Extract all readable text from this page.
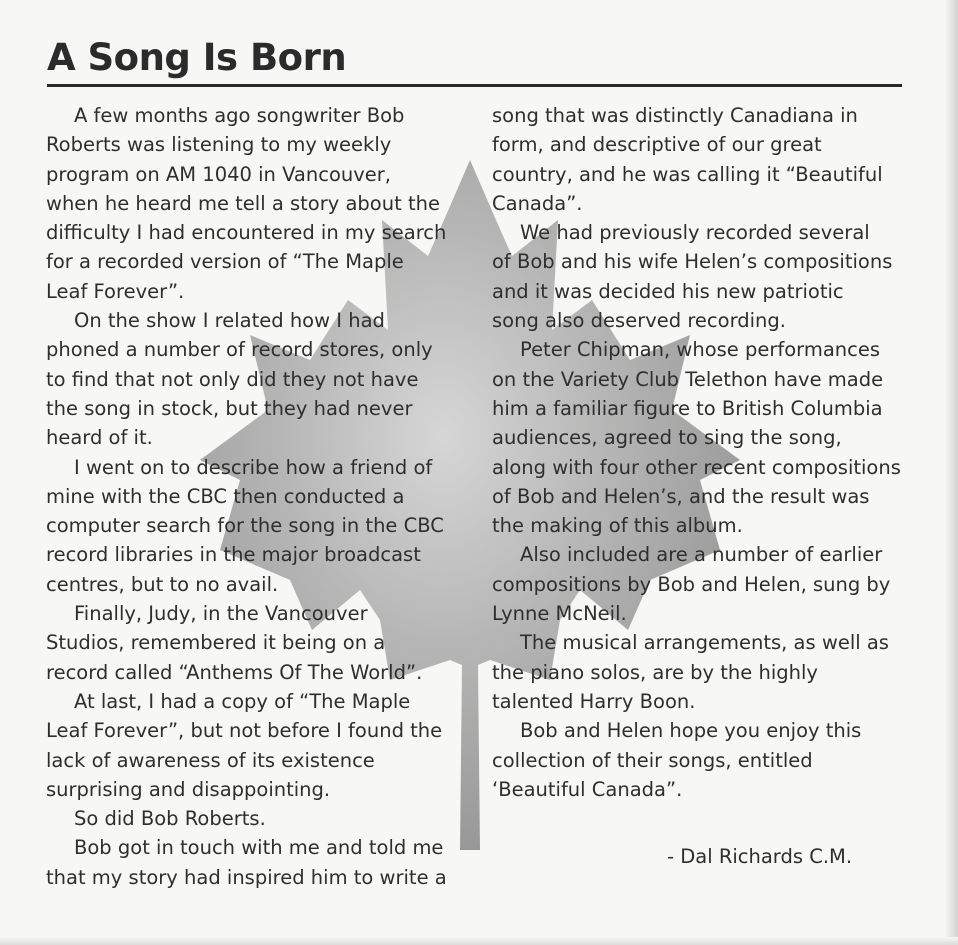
A Song Is Born
A few months ago songwriter Bob
Roberts was listening to my weekly
program on AM 1040 in Vancouver,
when he heard me tell a story about the
difficulty I had encountered in my search
for a recorded version of “The Maple
Leaf Forever”.
On the show I related how I had
phoned a number of record stores, only
to find that not only did they not have
the song in stock, but they had never
heard of it.
I went on to describe how a friend of
mine with the CBC then conducted a
computer search for the song in the CBC
record libraries in the major broadcast
centres, but to no avail.
Finally, Judy, in the Vancouver
Studios, remembered it being on a
record called “Anthems Of The World”.
At last, I had a copy of “The Maple
Leaf Forever”, but not before I found the
lack of awareness of its existence
surprising and disappointing.
So did Bob Roberts.
Bob got in touch with me and told me
that my story had inspired him to write a
song that was distinctly Canadiana in
form, and descriptive of our great
country, and he was calling it “Beautiful
Canada”.
We had previously recorded several
of Bob and his wife Helen’s compositions
and it was decided his new patriotic
song also deserved recording.
Peter Chipman, whose performances
on the Variety Club Telethon have made
him a familiar figure to British Columbia
audiences, agreed to sing the song,
along with four other recent compositions
of Bob and Helen’s, and the result was
the making of this album.
Also included are a number of earlier
compositions by Bob and Helen, sung by
Lynne McNeil.
The musical arrangements, as well as
the piano solos, are by the highly
talented Harry Boon.
Bob and Helen hope you enjoy this
collection of their songs, entitled
‘Beautiful Canada”.
- Dal Richards C.M.
